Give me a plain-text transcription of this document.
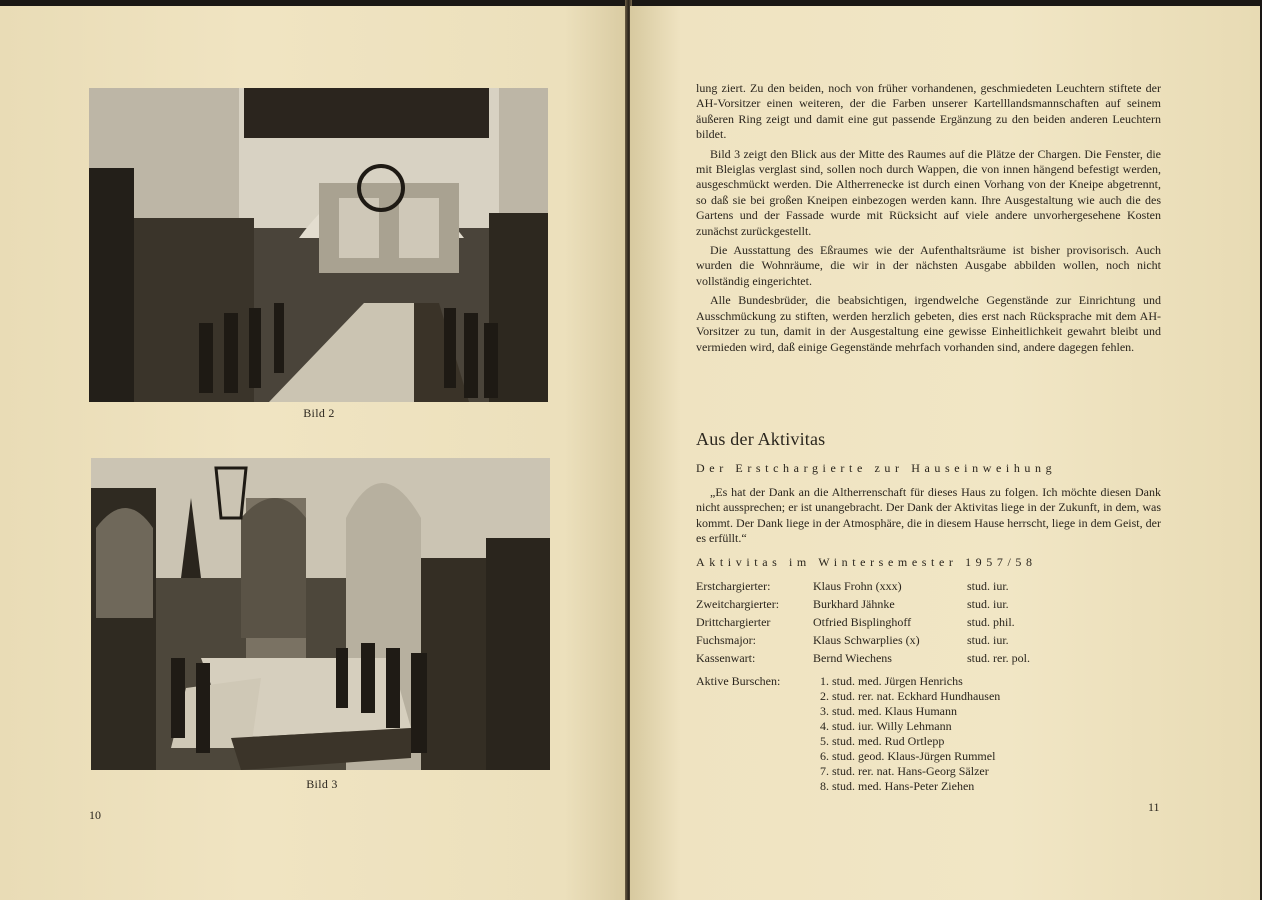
Bild 2
Bild 3
10

lung ziert. Zu den beiden, noch von früher vorhandenen, geschmiedeten Leuchtern stiftete der AH-Vorsitzer einen weiteren, der die Farben unserer Kartelllandsmannschaften auf seinem äußeren Ring zeigt und damit eine gut passende Ergänzung zu den beiden anderen Leuchtern bildet.

Bild 3 zeigt den Blick aus der Mitte des Raumes auf die Plätze der Chargen. Die Fenster, die mit Bleiglas verglast sind, sollen noch durch Wappen, die von innen hängend befestigt werden, ausgeschmückt werden. Die Altherrenecke ist durch einen Vorhang von der Kneipe abgetrennt, so daß sie bei großen Kneipen einbezogen werden kann. Ihre Ausgestaltung wie auch die des Gartens und der Fassade wurde mit Rücksicht auf viele andere unvorhergesehene Kosten zunächst zurückgestellt.

Die Ausstattung des Eßraumes wie der Aufenthaltsräume ist bisher provisorisch. Auch wurden die Wohnräume, die wir in der nächsten Ausgabe abbilden wollen, noch nicht vollständig eingerichtet.

Alle Bundesbrüder, die beabsichtigen, irgendwelche Gegenstände zur Einrichtung und Ausschmückung zu stiften, werden herzlich gebeten, dies erst nach Rücksprache mit dem AH-Vorsitzer zu tun, damit in der Ausgestaltung eine gewisse Einheitlichkeit gewahrt bleibt und vermieden wird, daß einige Gegenstände mehrfach vorhanden sind, andere dagegen fehlen.

Aus der Aktivitas
Der Erstchargierte zur Hauseinweihung
„Es hat der Dank an die Altherrenschaft für dieses Haus zu folgen. Ich möchte diesen Dank nicht aussprechen; er ist unangebracht. Der Dank der Aktivitas liege in der Zukunft, in dem, was kommt. Der Dank liege in der Atmosphäre, die in diesem Hause herrscht, liege in dem Geist, der es erfüllt.“
Aktivitas im Wintersemester 1957/58
Erstchargierter:	Klaus Frohn (xxx)	stud. iur.
Zweitchargierter:	Burkhard Jähnke	stud. iur.
Drittchargierter	Otfried Bisplinghoff	stud. phil.
Fuchsmajor:	Klaus Schwarplies (x)	stud. iur.
Kassenwart:	Bernd Wiechens	stud. rer. pol.
Aktive Burschen:	1. stud. med. Jürgen Henrichs
2. stud. rer. nat. Eckhard Hundhausen
3. stud. med. Klaus Humann
4. stud. iur. Willy Lehmann
5. stud. med. Rud Ortlepp
6. stud. geod. Klaus-Jürgen Rummel
7. stud. rer. nat. Hans-Georg Sälzer
8. stud. med. Hans-Peter Ziehen
11
